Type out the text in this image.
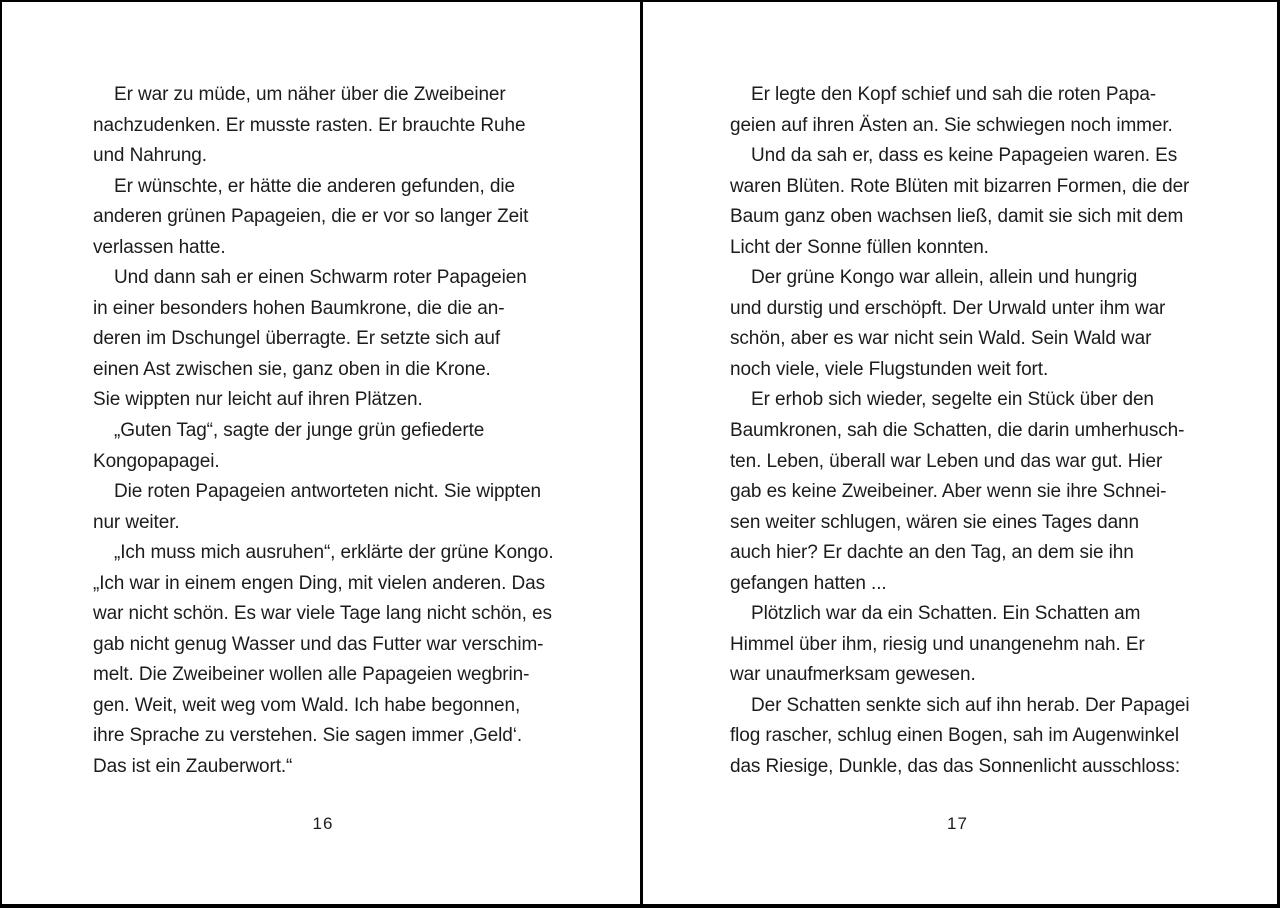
Er war zu müde, um näher über die Zweibeiner

nachzudenken. Er musste rasten. Er brauchte Ruhe

und Nahrung.

Er wünschte, er hätte die anderen gefunden, die

anderen grünen Papageien, die er vor so langer Zeit

verlassen hatte.

Und dann sah er einen Schwarm roter Papageien

in einer besonders hohen Baumkrone, die die an-

deren im Dschungel überragte. Er setzte sich auf

einen Ast zwischen sie, ganz oben in die Krone.

Sie wippten nur leicht auf ihren Plätzen.

„Guten Tag“, sagte der junge grün gefiederte

Kongopapagei.

Die roten Papageien antworteten nicht. Sie wippten

nur weiter.

„Ich muss mich ausruhen“, erklärte der grüne Kongo.

„Ich war in einem engen Ding, mit vielen anderen. Das

war nicht schön. Es war viele Tage lang nicht schön, es

gab nicht genug Wasser und das Futter war verschim-

melt. Die Zweibeiner wollen alle Papageien wegbrin-

gen. Weit, weit weg vom Wald. Ich habe begonnen,

ihre Sprache zu verstehen. Sie sagen immer ‚Geld‘.

Das ist ein Zauberwort.“

16

Er legte den Kopf schief und sah die roten Papa-

geien auf ihren Ästen an. Sie schwiegen noch immer.

Und da sah er, dass es keine Papageien waren. Es

waren Blüten. Rote Blüten mit bizarren Formen, die der

Baum ganz oben wachsen ließ, damit sie sich mit dem

Licht der Sonne füllen konnten.

Der grüne Kongo war allein, allein und hungrig

und durstig und erschöpft. Der Urwald unter ihm war

schön, aber es war nicht sein Wald. Sein Wald war

noch viele, viele Flugstunden weit fort.

Er erhob sich wieder, segelte ein Stück über den

Baumkronen, sah die Schatten, die darin umherhusch-

ten. Leben, überall war Leben und das war gut. Hier

gab es keine Zweibeiner. Aber wenn sie ihre Schnei-

sen weiter schlugen, wären sie eines Tages dann

auch hier? Er dachte an den Tag, an dem sie ihn

gefangen hatten ...

Plötzlich war da ein Schatten. Ein Schatten am

Himmel über ihm, riesig und unangenehm nah. Er

war unaufmerksam gewesen.

Der Schatten senkte sich auf ihn herab. Der Papagei

flog rascher, schlug einen Bogen, sah im Augenwinkel

das Riesige, Dunkle, das das Sonnenlicht ausschloss:

17
